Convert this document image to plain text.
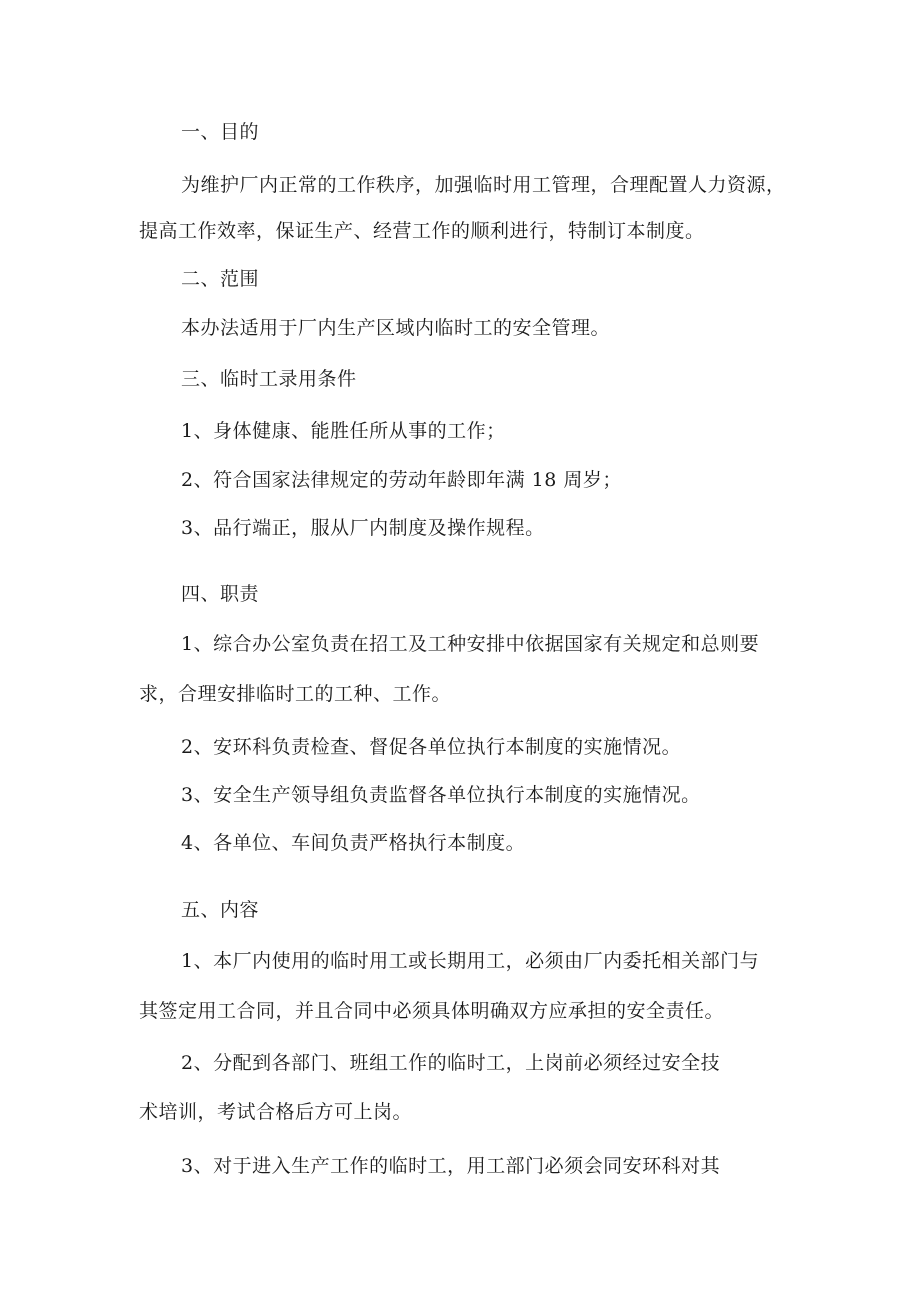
一、目的
为维护厂内正常的工作秩序，加强临时用工管理，合理配置人力资源，
提高工作效率，保证生产、经营工作的顺利进行，特制订本制度。
二、范围
本办法适用于厂内生产区域内临时工的安全管理。
三、临时工录用条件
1、身体健康、能胜任所从事的工作；
2、符合国家法律规定的劳动年龄即年满 18 周岁；
3、品行端正，服从厂内制度及操作规程。
四、职责
1、综合办公室负责在招工及工种安排中依据国家有关规定和总则要
求，合理安排临时工的工种、工作。
2、安环科负责检查、督促各单位执行本制度的实施情况。
3、安全生产领导组负责监督各单位执行本制度的实施情况。
4、各单位、车间负责严格执行本制度。
五、内容
1、本厂内使用的临时用工或长期用工，必须由厂内委托相关部门与
其签定用工合同，并且合同中必须具体明确双方应承担的安全责任。
2、分配到各部门、班组工作的临时工，上岗前必须经过安全技
术培训，考试合格后方可上岗。
3、对于进入生产工作的临时工，用工部门必须会同安环科对其
